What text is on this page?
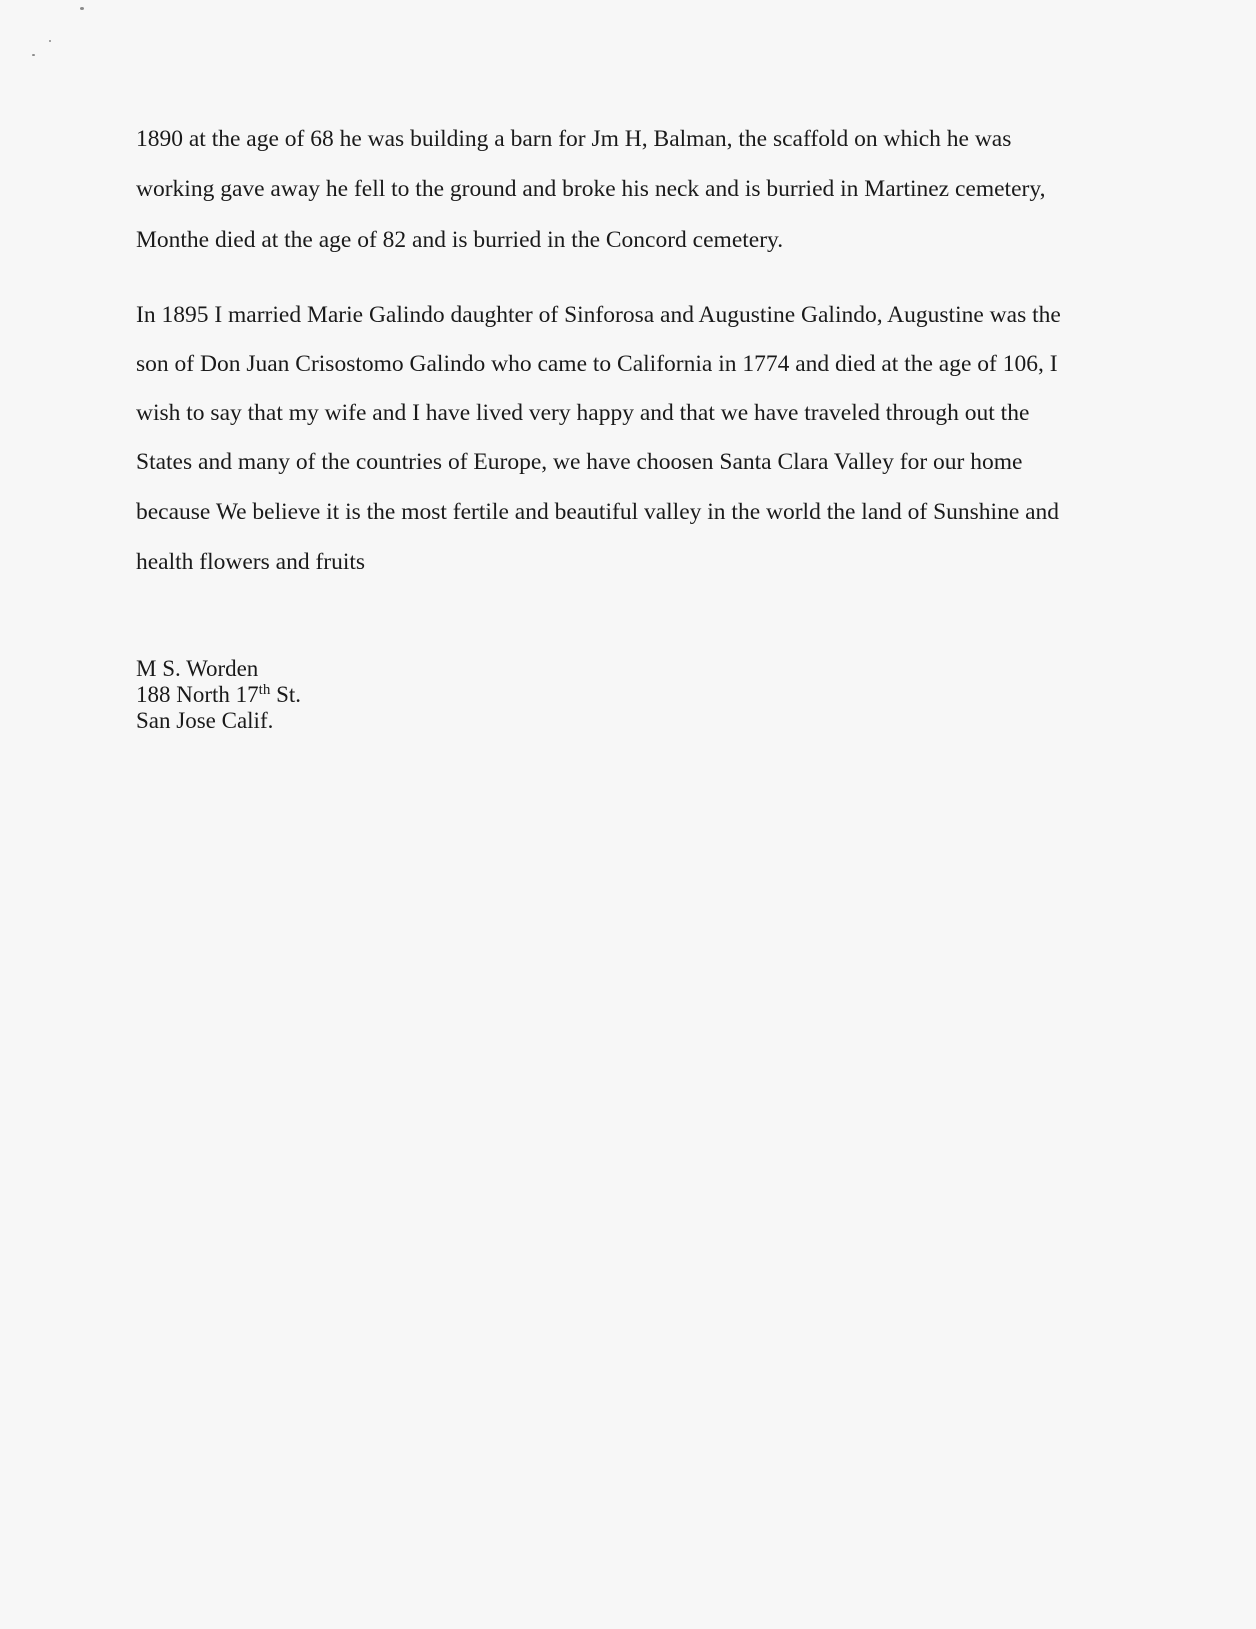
1890 at the age of 68 he was building a barn for Jm H, Balman, the scaffold on which he was

working gave away he fell to the ground and broke his neck and is burried in Martinez cemetery,

Monthe died at the age of 82 and is burried in the Concord cemetery.

In 1895 I married Marie Galindo daughter of Sinforosa and Augustine Galindo, Augustine was the

son of Don Juan Crisostomo Galindo who came to California in 1774 and died at the age of 106, I

wish to say that my wife and I have lived very happy and that we have traveled through out the

States and many of the countries of Europe, we have choosen Santa Clara Valley for our home

because We believe it is the most fertile and beautiful valley in the world the land of Sunshine and

health flowers and fruits

M S. Worden

188 North 17th St.

San Jose Calif.
